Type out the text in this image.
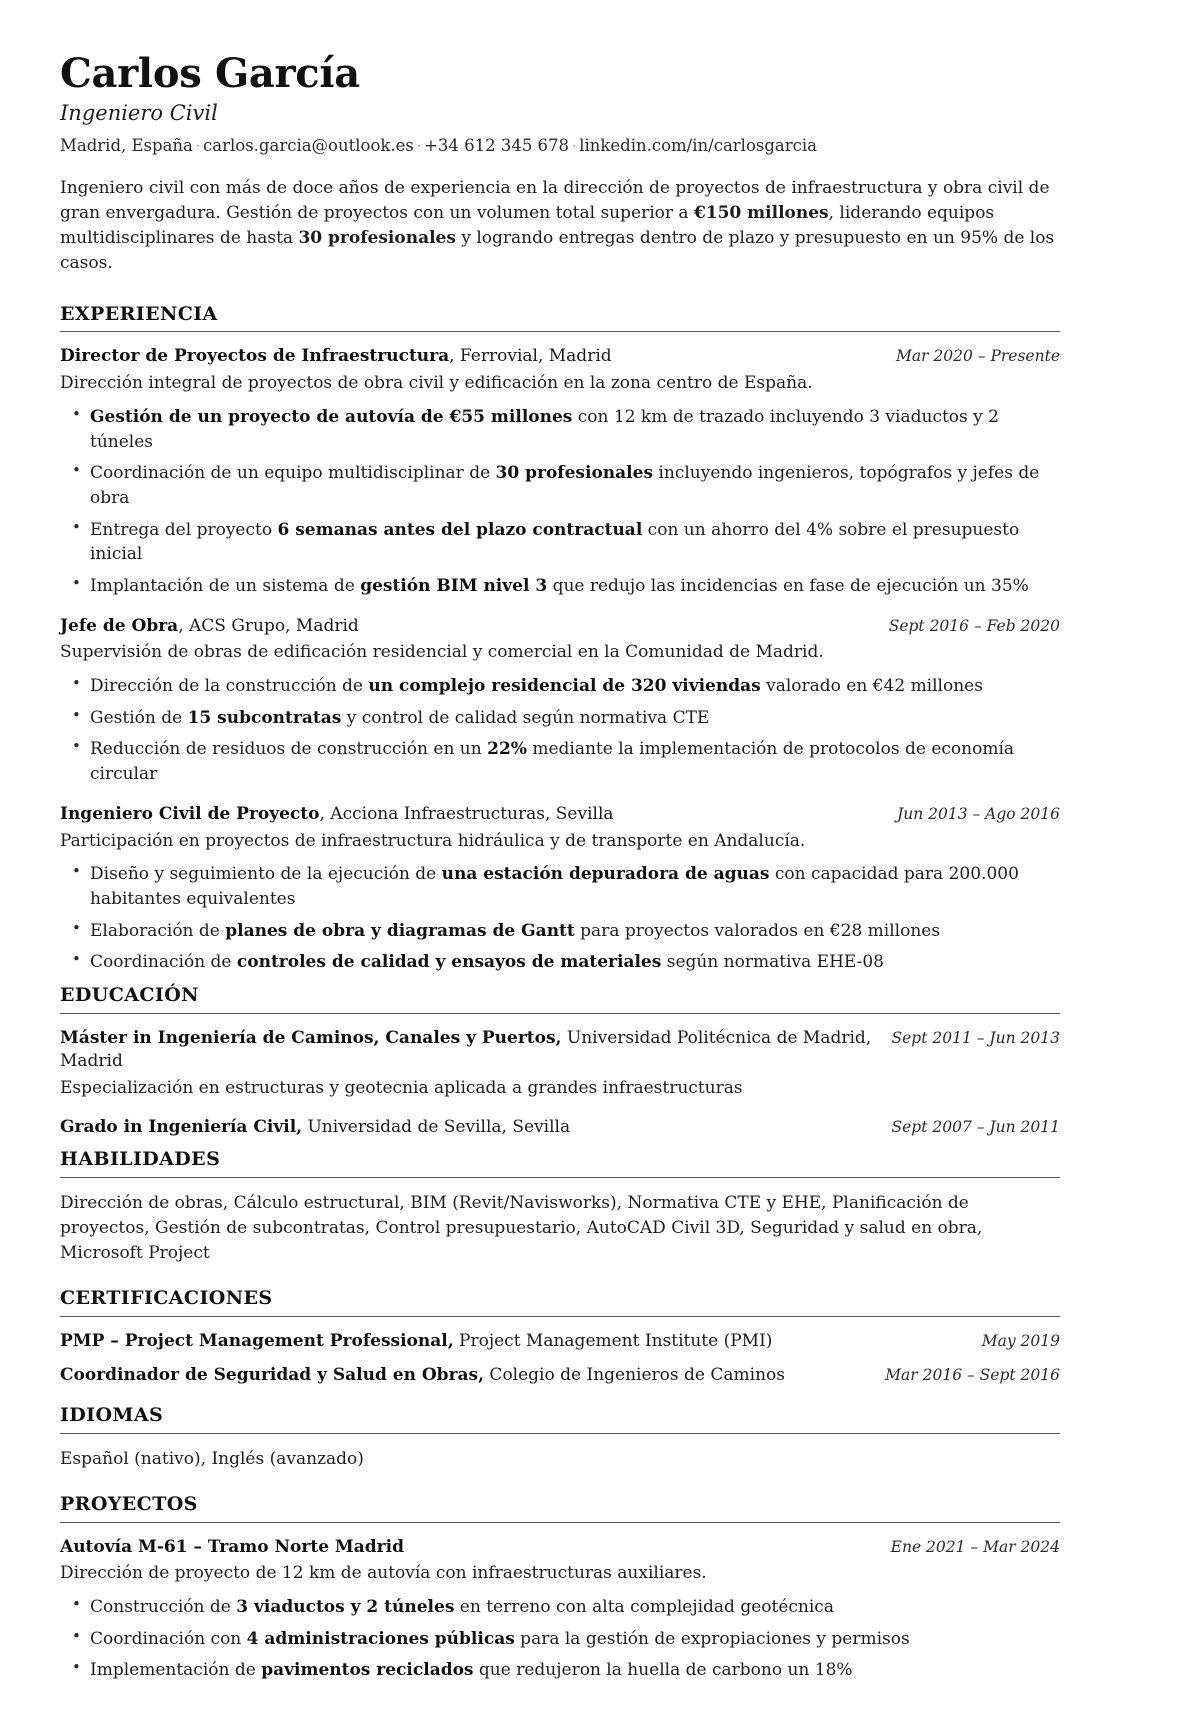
Carlos García
Ingeniero Civil
Madrid, España · carlos.garcia@outlook.es · +34 612 345 678 · linkedin.com/in/carlosgarcia

Ingeniero civil con más de doce años de experiencia en la dirección de proyectos de infraestructura y obra civil de gran envergadura. Gestión de proyectos con un volumen total superior a €150 millones, liderando equipos multidisciplinares de hasta 30 profesionales y logrando entregas dentro de plazo y presupuesto en un 95% de los casos.

EXPERIENCIA
Director de Proyectos de Infraestructura, Ferrovial, Madrid	Mar 2020 – Presente
Dirección integral de proyectos de obra civil y edificación en la zona centro de España.
• Gestión de un proyecto de autovía de €55 millones con 12 km de trazado incluyendo 3 viaductos y 2 túneles
• Coordinación de un equipo multidisciplinar de 30 profesionales incluyendo ingenieros, topógrafos y jefes de obra
• Entrega del proyecto 6 semanas antes del plazo contractual con un ahorro del 4% sobre el presupuesto inicial
• Implantación de un sistema de gestión BIM nivel 3 que redujo las incidencias en fase de ejecución un 35%
Jefe de Obra, ACS Grupo, Madrid	Sept 2016 – Feb 2020
Supervisión de obras de edificación residencial y comercial en la Comunidad de Madrid.
• Dirección de la construcción de un complejo residencial de 320 viviendas valorado en €42 millones
• Gestión de 15 subcontratas y control de calidad según normativa CTE
• Reducción de residuos de construcción en un 22% mediante la implementación de protocolos de economía circular
Ingeniero Civil de Proyecto, Acciona Infraestructuras, Sevilla	Jun 2013 – Ago 2016
Participación en proyectos de infraestructura hidráulica y de transporte en Andalucía.
• Diseño y seguimiento de la ejecución de una estación depuradora de aguas con capacidad para 200.000 habitantes equivalentes
• Elaboración de planes de obra y diagramas de Gantt para proyectos valorados en €28 millones
• Coordinación de controles de calidad y ensayos de materiales según normativa EHE-08
EDUCACIÓN
Máster in Ingeniería de Caminos, Canales y Puertos, Universidad Politécnica de Madrid, Madrid
Sept 2011 – Jun 2013
Especialización en estructuras y geotecnia aplicada a grandes infraestructuras
Grado in Ingeniería Civil, Universidad de Sevilla, Sevilla	Sept 2007 – Jun 2011
HABILIDADES

Dirección de obras, Cálculo estructural, BIM (Revit/Navisworks), Normativa CTE y EHE, Planificación de proyectos, Gestión de subcontratas, Control presupuestario, AutoCAD Civil 3D, Seguridad y salud en obra, Microsoft Project

CERTIFICACIONES
PMP – Project Management Professional, Project Management Institute (PMI)	May 2019
Coordinador de Seguridad y Salud en Obras, Colegio de Ingenieros de Caminos	Mar 2016 – Sept 2016
IDIOMAS

Español (nativo), Inglés (avanzado)

PROYECTOS
Autovía M-61 – Tramo Norte Madrid	Ene 2021 – Mar 2024
Dirección de proyecto de 12 km de autovía con infraestructuras auxiliares.
• Construcción de 3 viaductos y 2 túneles en terreno con alta complejidad geotécnica
• Coordinación con 4 administraciones públicas para la gestión de expropiaciones y permisos
• Implementación de pavimentos reciclados que redujeron la huella de carbono un 18%
